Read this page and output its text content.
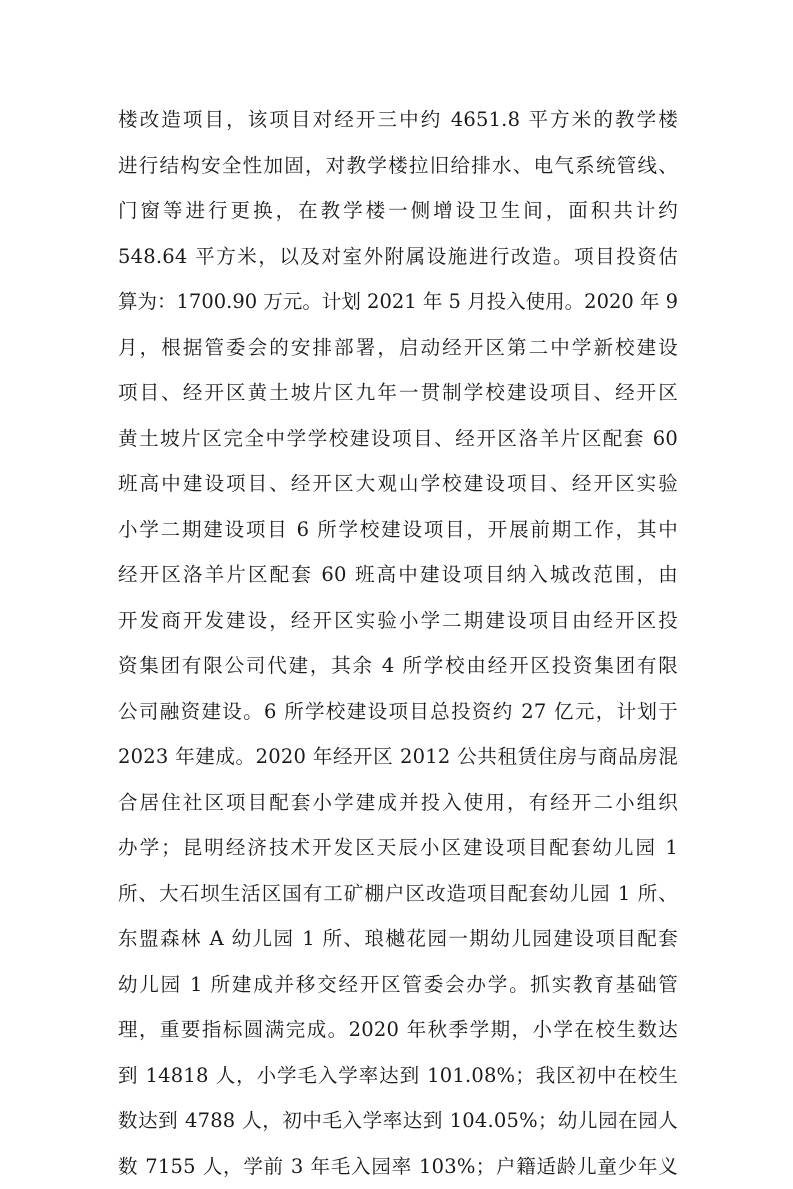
楼改造项目，该项目对经开三中约 4651.8 平方米的教学楼
进行结构安全性加固，对教学楼拉旧给排水、电气系统管线、
门窗等进行更换，在教学楼一侧增设卫生间，面积共计约
548.64 平方米，以及对室外附属设施进行改造。项目投资估
算为：1700.90 万元。计划 2021 年 5 月投入使用。2020 年 9
月，根据管委会的安排部署，启动经开区第二中学新校建设
项目、经开区黄土坡片区九年一贯制学校建设项目、经开区
黄土坡片区完全中学学校建设项目、经开区洛羊片区配套 60
班高中建设项目、经开区大观山学校建设项目、经开区实验
小学二期建设项目 6 所学校建设项目，开展前期工作，其中
经开区洛羊片区配套 60 班高中建设项目纳入城改范围，由
开发商开发建设，经开区实验小学二期建设项目由经开区投
资集团有限公司代建，其余 4 所学校由经开区投资集团有限
公司融资建设。6 所学校建设项目总投资约 27 亿元，计划于
2023 年建成。2020 年经开区 2012 公共租赁住房与商品房混
合居住社区项目配套小学建成并投入使用，有经开二小组织
办学；昆明经济技术开发区天辰小区建设项目配套幼儿园 1
所、大石坝生活区国有工矿棚户区改造项目配套幼儿园 1 所、
东盟森林 A 幼儿园 1 所、琅樾花园一期幼儿园建设项目配套
幼儿园 1 所建成并移交经开区管委会办学。抓实教育基础管
理，重要指标圆满完成。2020 年秋季学期，小学在校生数达
到 14818 人，小学毛入学率达到 101.08%；我区初中在校生
数达到 4788 人，初中毛入学率达到 104.05%；幼儿园在园人
数 7155 人，学前 3 年毛入园率 103%；户籍适龄儿童少年义
